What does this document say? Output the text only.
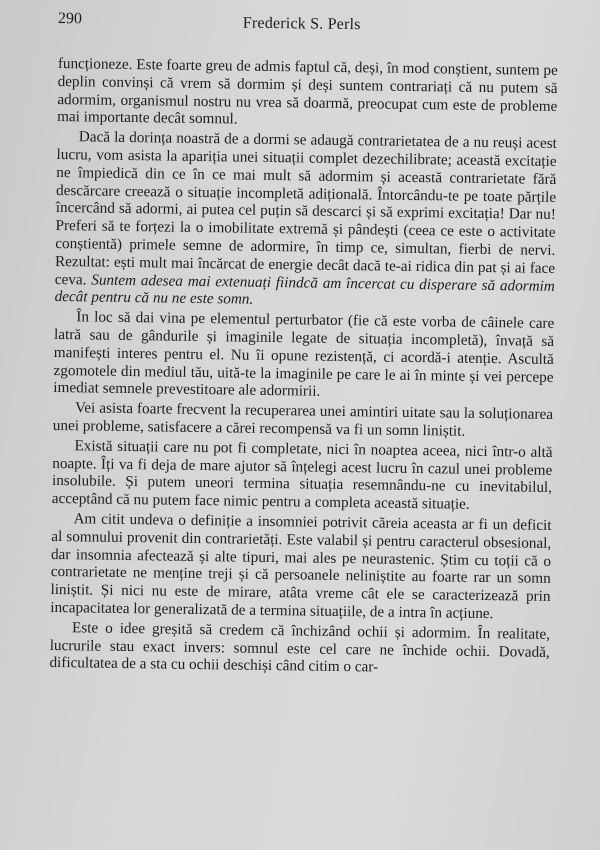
290	Frederick S. Perls

funcționeze. Este foarte greu de admis faptul că, deși, în mod conștient, suntem pe deplin convinși că vrem să dormim și deși suntem contrariați că nu putem să adormim, organismul nostru nu vrea să doarmă, preocupat cum este de probleme mai importante decât somnul.

Dacă la dorința noastră de a dormi se adaugă contrarietatea de a nu reuși acest lucru, vom asista la apariția unei situații complet dezechilibrate; această excitație ne împiedică din ce în ce mai mult să adormim și această contrarietate fără descărcare creează o situație incompletă adițională. Întorcându-te pe toate părțile încercând să adormi, ai putea cel puțin să descarci și să exprimi excitația! Dar nu! Preferi să te forțezi la o imobilitate extremă și pândești (ceea ce este o activitate conștientă) primele semne de adormire, în timp ce, simultan, fierbi de nervi. Rezultat: ești mult mai încărcat de energie decât dacă te-ai ridica din pat și ai face ceva. Suntem adesea mai extenuați fiindcă am încercat cu disperare să adormim decât pentru că nu ne este somn.

În loc să dai vina pe elementul perturbator (fie că este vorba de câinele care latră sau de gândurile și imaginile legate de situația incompletă), învață să manifești interes pentru el. Nu îi opune rezistență, ci acordă-i atenție. Ascultă zgomotele din mediul tău, uită-te la imaginile pe care le ai în minte și vei percepe imediat semnele prevestitoare ale adormirii.

Vei asista foarte frecvent la recuperarea unei amintiri uitate sau la soluționarea unei probleme, satisfacere a cărei recompensă va fi un somn liniștit.

Există situații care nu pot fi completate, nici în noaptea aceea, nici într-o altă noapte. Îți va fi deja de mare ajutor să înțelegi acest lucru în cazul unei probleme insolubile. Și putem uneori termina situația resemnându-ne cu inevitabilul, acceptând că nu putem face nimic pentru a completa această situație.

Am citit undeva o definiție a insomniei potrivit căreia aceasta ar fi un deficit al somnului provenit din contrarietăți. Este valabil și pentru caracterul obsesional, dar insomnia afectează și alte tipuri, mai ales pe neurastenic. Știm cu toții că o contrarietate ne menține treji și că persoanele neliniștite au foarte rar un somn liniștit. Și nici nu este de mirare, atâta vreme cât ele se caracterizează prin incapacitatea lor generalizată de a termina situațiile, de a intra în acțiune.

Este o idee greșită să credem că închizând ochii și adormim. În realitate, lucrurile stau exact invers: somnul este cel care ne închide ochii. Dovadă, dificultatea de a sta cu ochii deschiși când citim o car-
